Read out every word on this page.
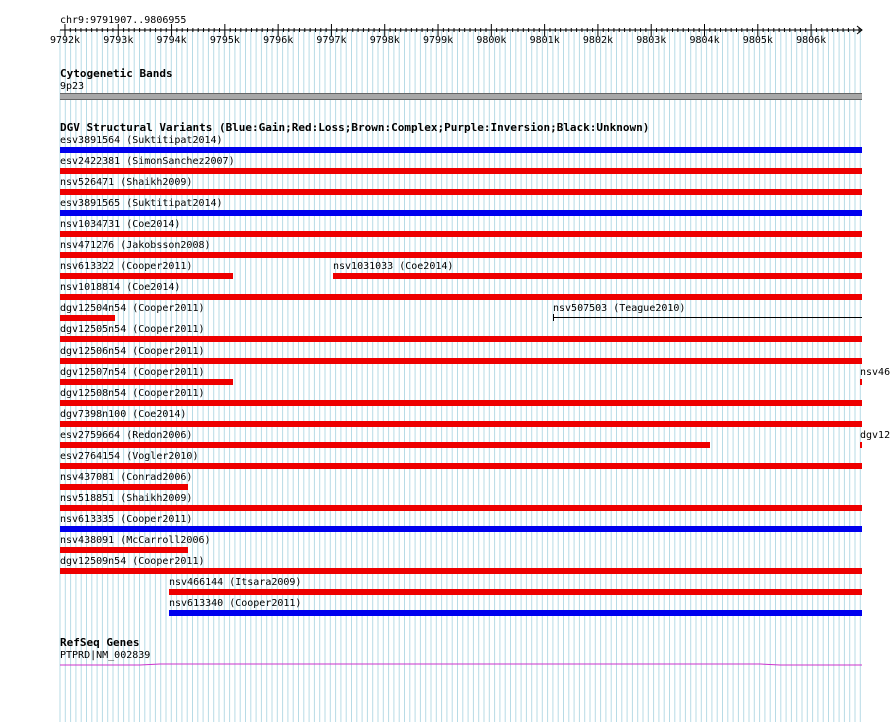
chr9:9791907..9806955
9792k 9793k 9794k 9795k 9796k 9797k 9798k 9799k 9800k 9801k 9802k 9803k 9804k 9805k 9806k
Cytogenetic Bands
9p23
DGV Structural Variants (Blue:Gain;Red:Loss;Brown:Complex;Purple:Inversion;Black:Unknown)
esv3891564 (Suktitipat2014)
esv2422381 (SimonSanchez2007)
nsv526471 (Shaikh2009)
esv3891565 (Suktitipat2014)
nsv1034731 (Coe2014)
nsv471276 (Jakobsson2008)
nsv613322 (Cooper2011)	nsv1031033 (Coe2014)
nsv1018814 (Coe2014)
dgv12504n54 (Cooper2011)	nsv507503 (Teague2010)
dgv12505n54 (Cooper2011)
dgv12506n54 (Cooper2011)
dgv12507n54 (Cooper2011)	nsv46
dgv12508n54 (Cooper2011)
dgv7398n100 (Coe2014)
esv2759664 (Redon2006)	dgv12
esv2764154 (Vogler2010)
nsv437081 (Conrad2006)
nsv518851 (Shaikh2009)
nsv613335 (Cooper2011)
nsv438091 (McCarroll2006)
dgv12509n54 (Cooper2011)
nsv466144 (Itsara2009)
nsv613340 (Cooper2011)
RefSeq Genes
PTPRD|NM_002839
